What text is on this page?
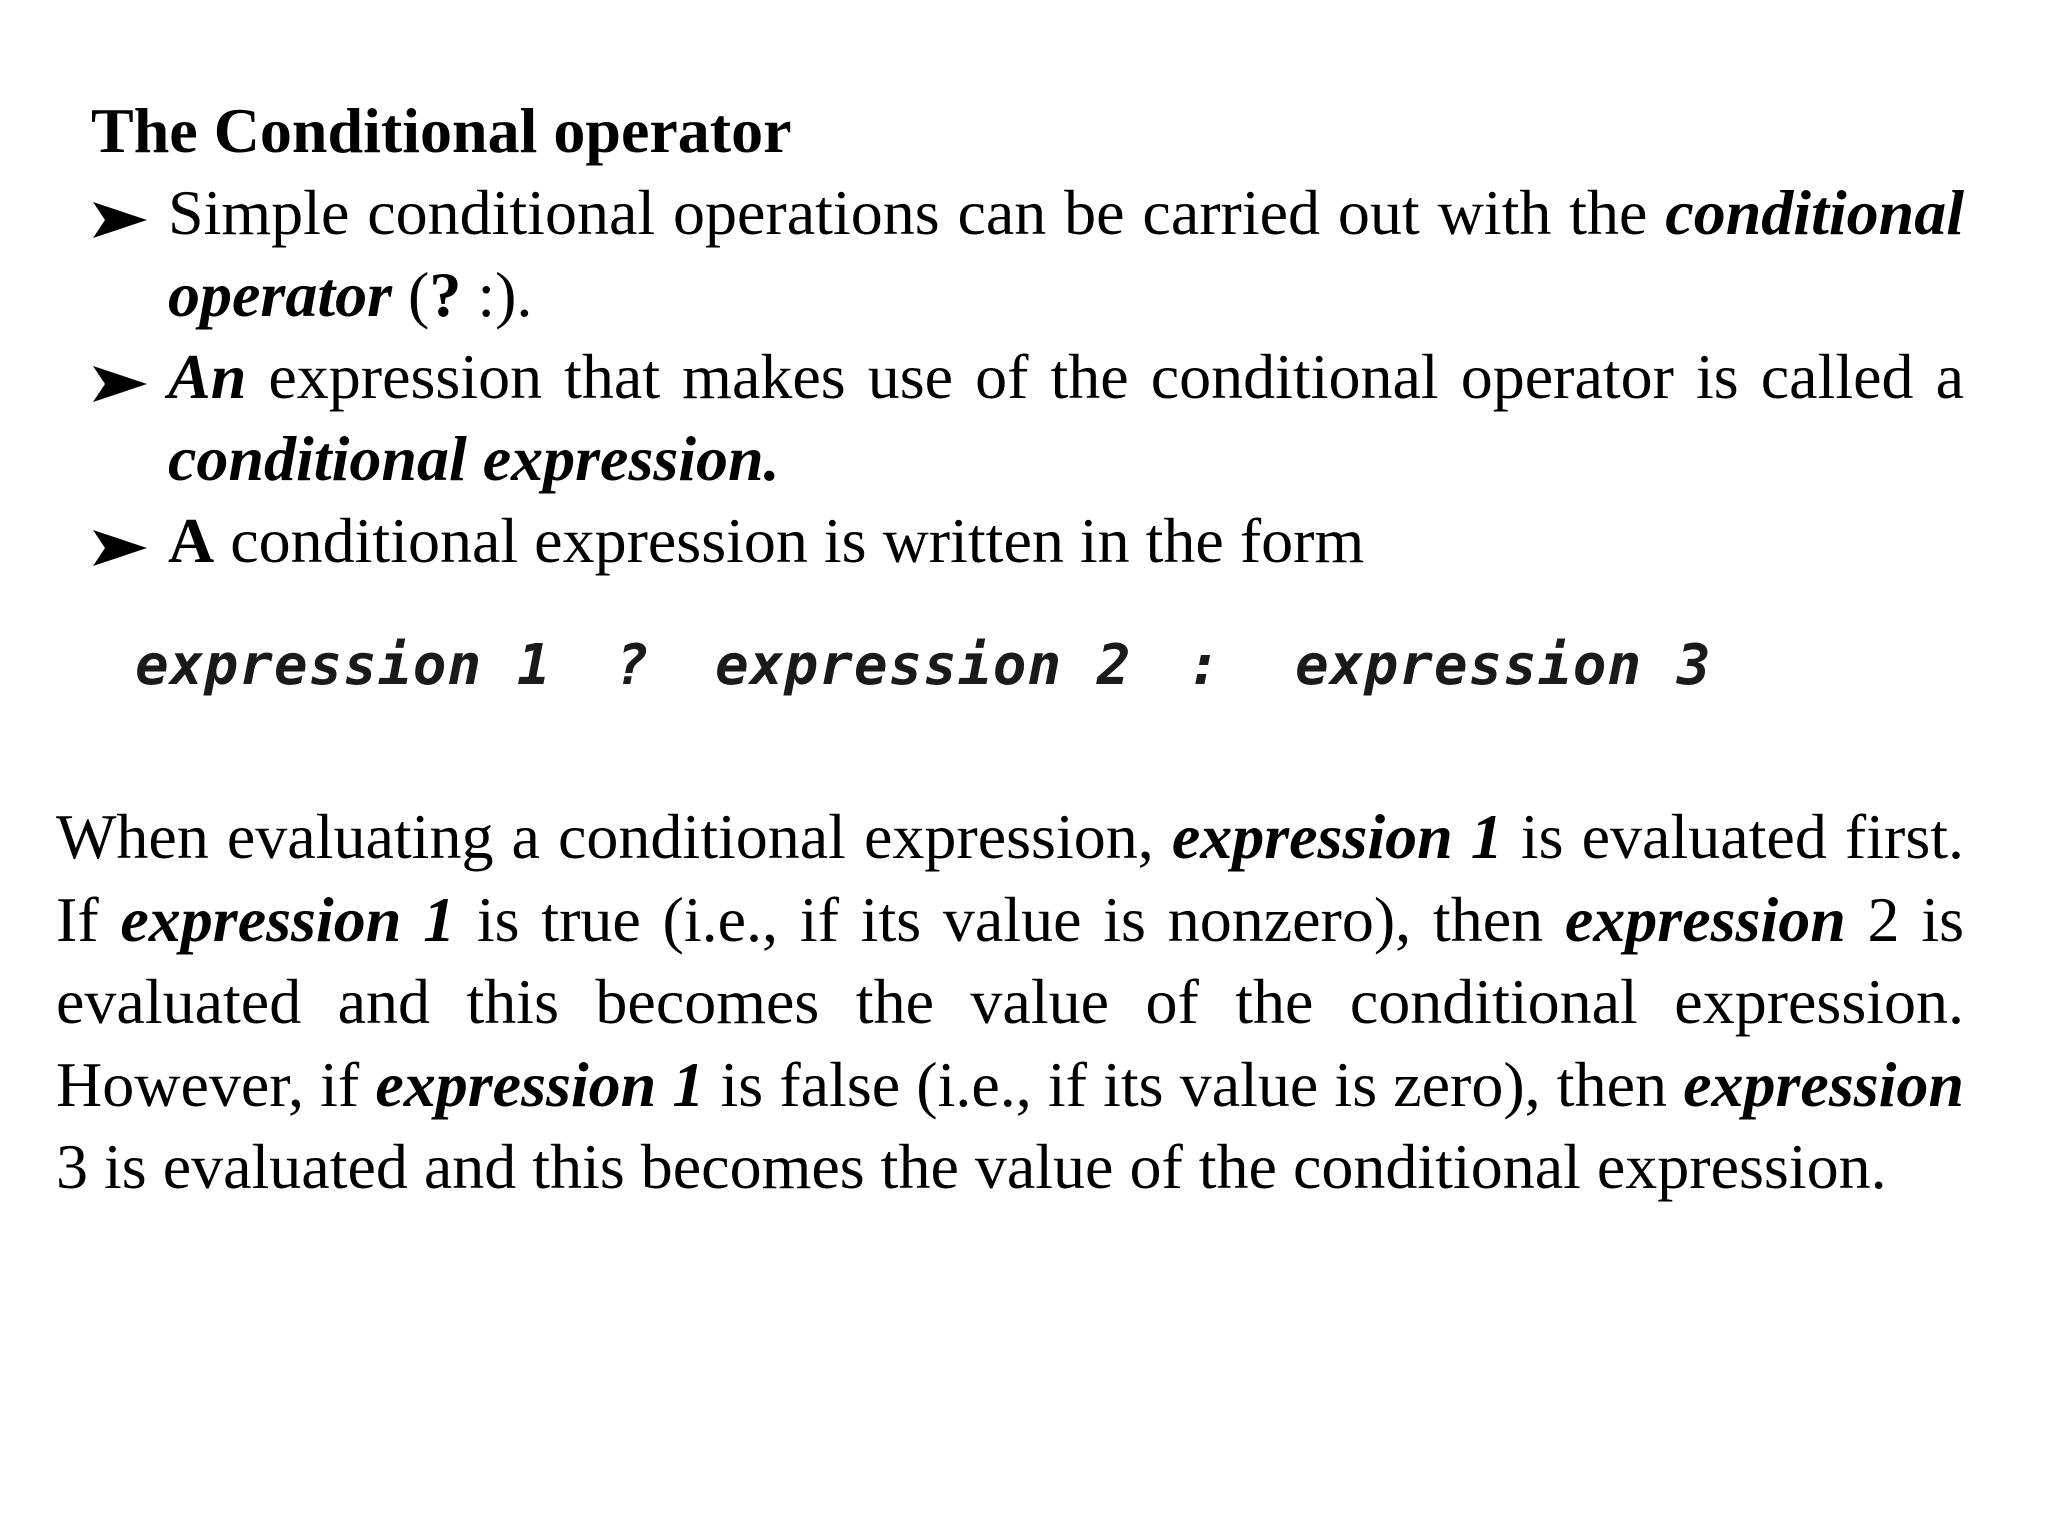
The Conditional operator
Simple conditional operations can be carried out with the conditional operator (? :).
An expression that makes use of the conditional operator is called a conditional expression.
A conditional expression is written in the form

expression 1

?

expression 2

:

expression 3

When evaluating a conditional expression, expression 1 is evaluated first. If expression 1 is true (i.e., if its value is nonzero), then expression 2 is evaluated and this becomes the value of the conditional expression. However, if expression 1 is false (i.e., if its value is zero), then expression 3 is evaluated and this becomes the value of the conditional expression.
